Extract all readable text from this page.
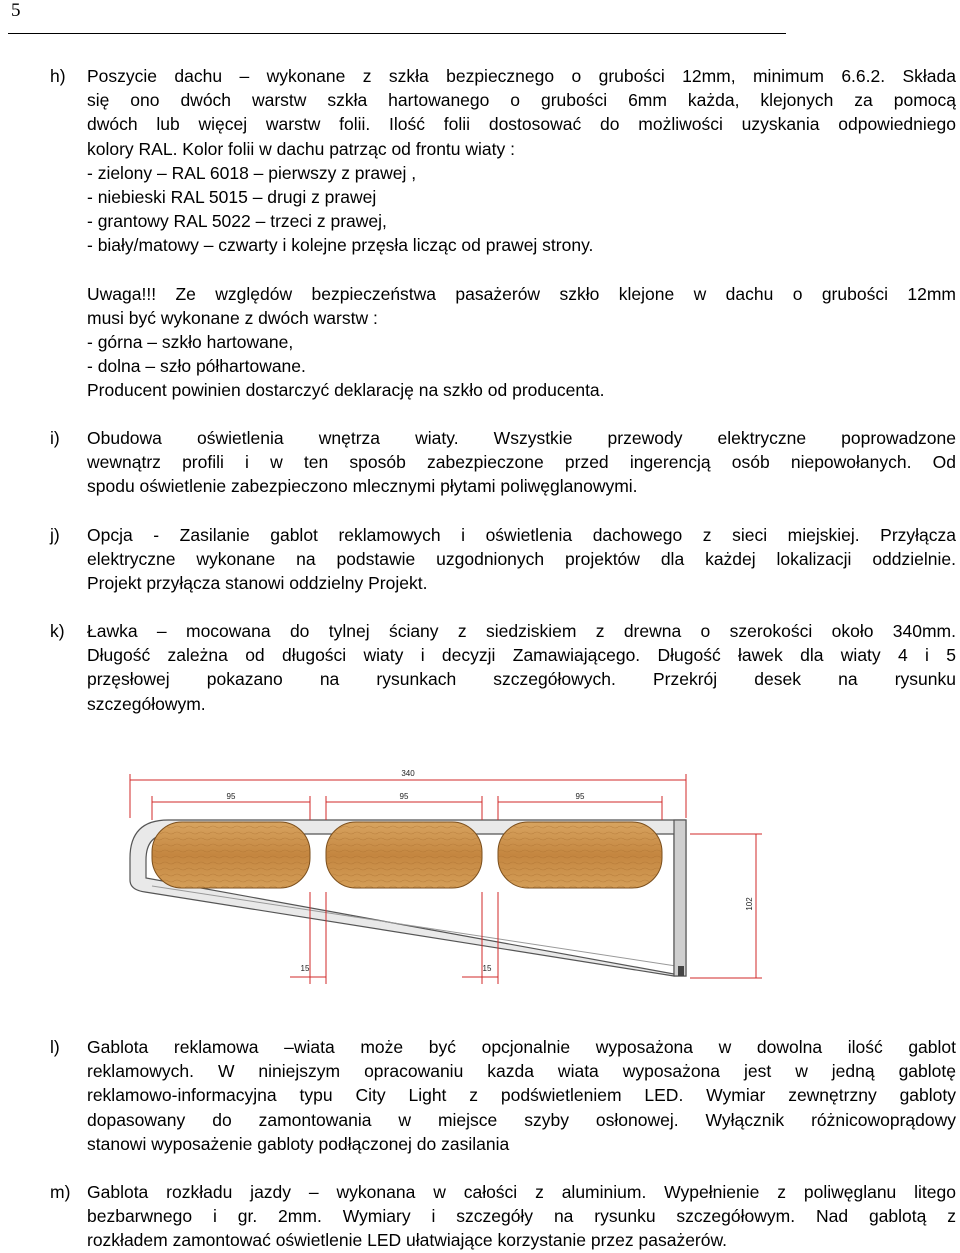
5
h) Poszycie dachu – wykonane z szkła bezpiecznego o grubości 12mm, minimum 6.6.2. Składa
się ono dwóch warstw szkła hartowanego o grubości 6mm każda, klejonych za pomocą
dwóch lub więcej warstw folii. Ilość folii dostosować do możliwości uzyskania odpowiedniego
kolory RAL. Kolor folii w dachu patrząc od frontu wiaty :
- zielony – RAL 6018 – pierwszy z prawej ,
- niebieski RAL 5015 – drugi z prawej
- grantowy RAL 5022 – trzeci z prawej,
- biały/matowy – czwarty i kolejne przęsła licząc od prawej strony.
Uwaga!!! Ze względów bezpieczeństwa pasażerów szkło klejone w dachu o grubości 12mm
musi być wykonane z dwóch warstw :
- górna – szkło hartowane,
- dolna – szło półhartowane.
Producent powinien dostarczyć deklarację na szkło od producenta.
i) Obudowa oświetlenia wnętrza wiaty. Wszystkie przewody elektryczne poprowadzone
wewnątrz profili i w ten sposób zabezpieczone przed ingerencją osób niepowołanych. Od
spodu oświetlenie zabezpieczono mlecznymi płytami poliwęglanowymi.
j) Opcja - Zasilanie gablot reklamowych i oświetlenia dachowego z sieci miejskiej. Przyłącza
elektryczne wykonane na podstawie uzgodnionych projektów dla każdej lokalizacji oddzielnie.
Projekt przyłącza stanowi oddzielny Projekt.
k) Ławka – mocowana do tylnej ściany z siedziskiem z drewna o szerokości około 340mm.
Długość zależna od długości wiaty i decyzji Zamawiającego. Długość ławek dla wiaty 4 i 5
przęsłowej pokazano na rysunkach szczegółowych. Przekrój desek na rysunku
szczegółowym.
340
95	95	95
102
15	15
l) Gablota reklamowa –wiata może być opcjonalnie wyposażona w dowolna ilość gablot
reklamowych. W niniejszym opracowaniu kazda wiata wyposażona jest w jedną gablotę
reklamowo-informacyjna typu City Light z podświetleniem LED. Wymiar zewnętrzny gabloty
dopasowany do zamontowania w miejsce szyby osłonowej. Wyłącznik różnicowoprądowy
stanowi wyposażenie gabloty podłączonej do zasilania
m) Gablota rozkładu jazdy – wykonana w całości z aluminium. Wypełnienie z poliwęglanu litego
bezbarwnego i gr. 2mm. Wymiary i szczegóły na rysunku szczegółowym. Nad gablotą z
rozkładem zamontować oświetlenie LED ułatwiające korzystanie przez pasażerów.
